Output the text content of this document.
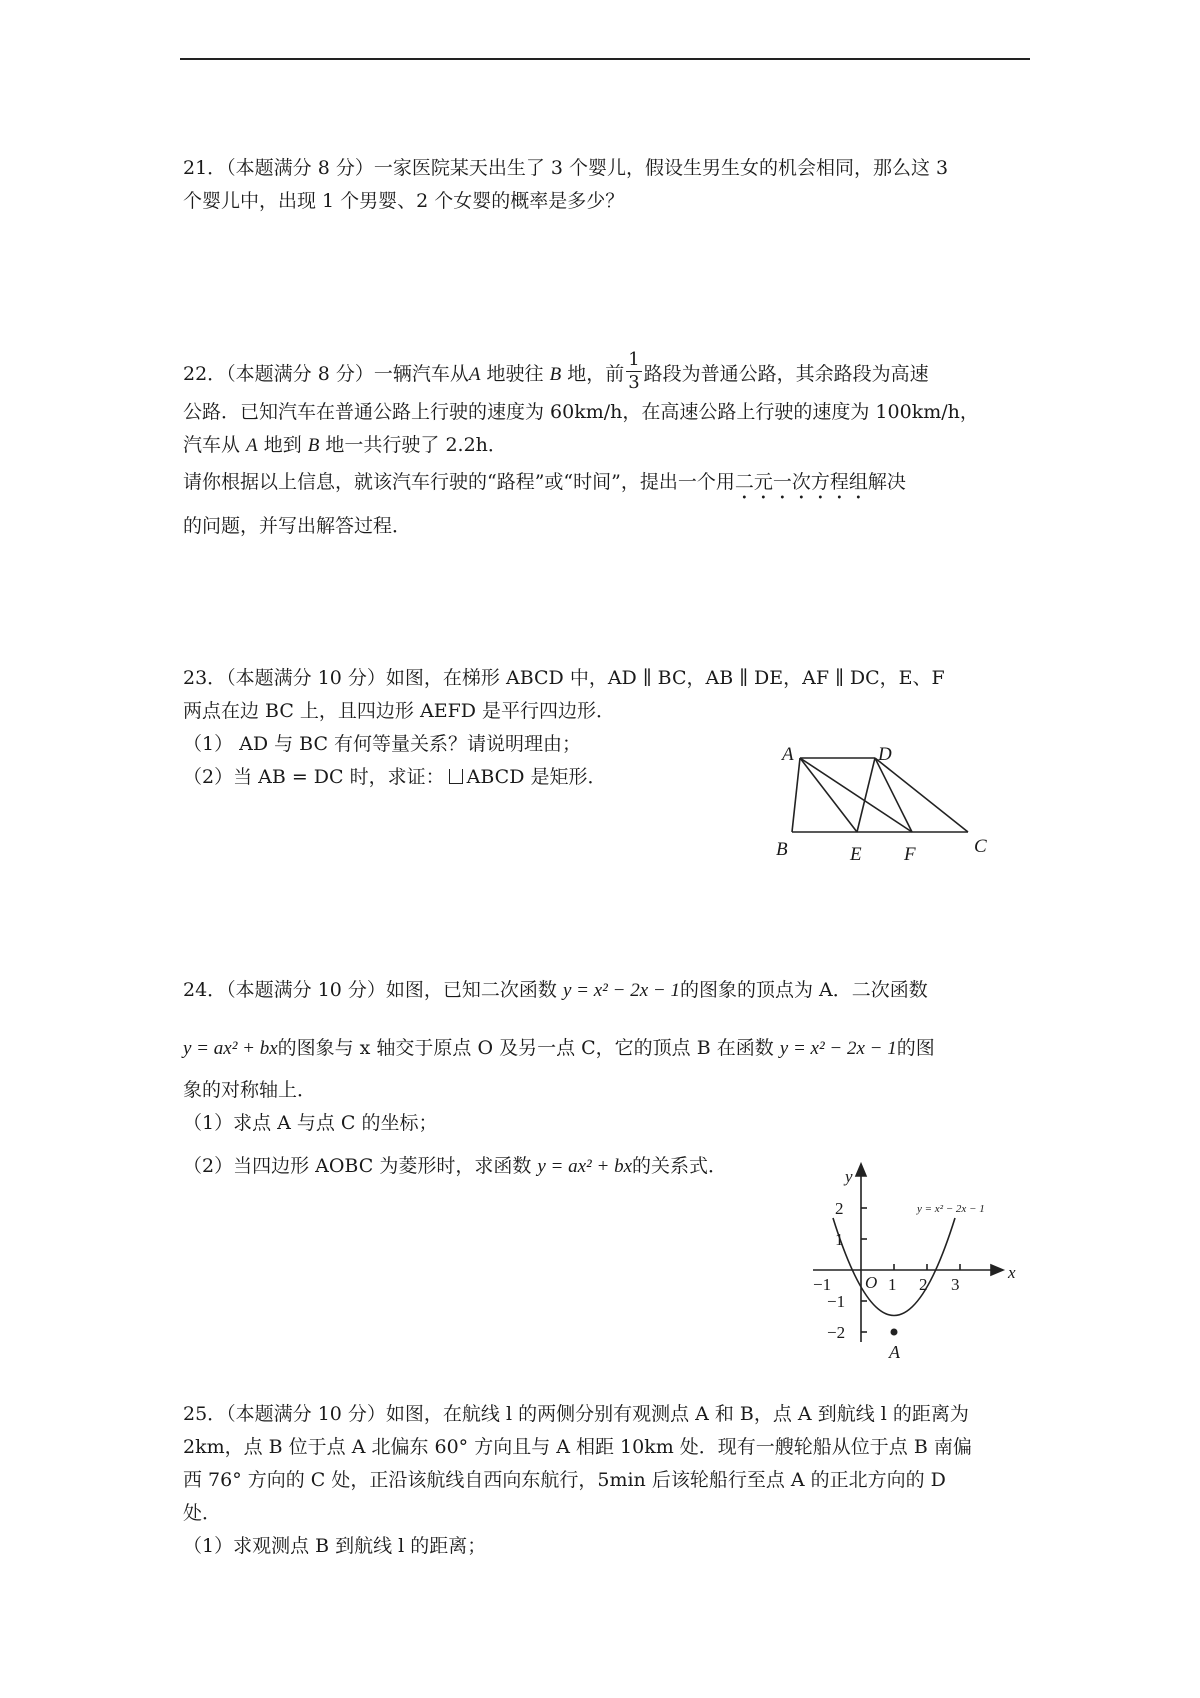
21．（本题满分 8 分）一家医院某天出生了 3 个婴儿，假设生男生女的机会相同，那么这 3

个婴儿中，出现 1 个男婴、2 个女婴的概率是多少？

22．（本题满分 8 分）一辆汽车从A 地驶往 B 地，前 $\frac{1}{3}$ 路段为普通公路，其余路段为高速

公路．已知汽车在普通公路上行驶的速度为 60km/h，在高速公路上行驶的速度为 100km/h，

汽车从 A 地到 B 地一共行驶了 2.2h．

请你根据以上信息，就该汽车行驶的“路程”或“时间”，提出一个用二元一次方程组解决

的问题，并写出解答过程．

23．（本题满分 10 分）如图，在梯形 ABCD 中，AD ∥ BC，AB ∥ DE，AF ∥ DC，E、F

两点在边 BC 上，且四边形 AEFD 是平行四边形．

（1） AD 与 BC 有何等量关系？请说明理由；

（2）当 AB = DC 时，求证： ABCD 是矩形．

A	D
B	E F	C

24．（本题满分 10 分）如图，已知二次函数 y = x² − 2x − 1的图象的顶点为 A．二次函数

y = ax² + bx的图象与 x 轴交于原点 O 及另一点 C，它的顶点 B 在函数 y = x² − 2x − 1的图

象的对称轴上．

（1）求点 A 与点 C 的坐标；

（2）当四边形 AOBC 为菱形时，求函数 y = ax² + bx的关系式．	y
x
O
A
−1	1 2 3
2
1
−1
−2
y = x² − 2x − 1

25．（本题满分 10 分）如图，在航线 l 的两侧分别有观测点 A 和 B，点 A 到航线 l 的距离为

2km，点 B 位于点 A 北偏东 60° 方向且与 A 相距 10km 处．现有一艘轮船从位于点 B 南偏

西 76° 方向的 C 处，正沿该航线自西向东航行，5min 后该轮船行至点 A 的正北方向的 D

处．

（1）求观测点 B 到航线 l 的距离；
